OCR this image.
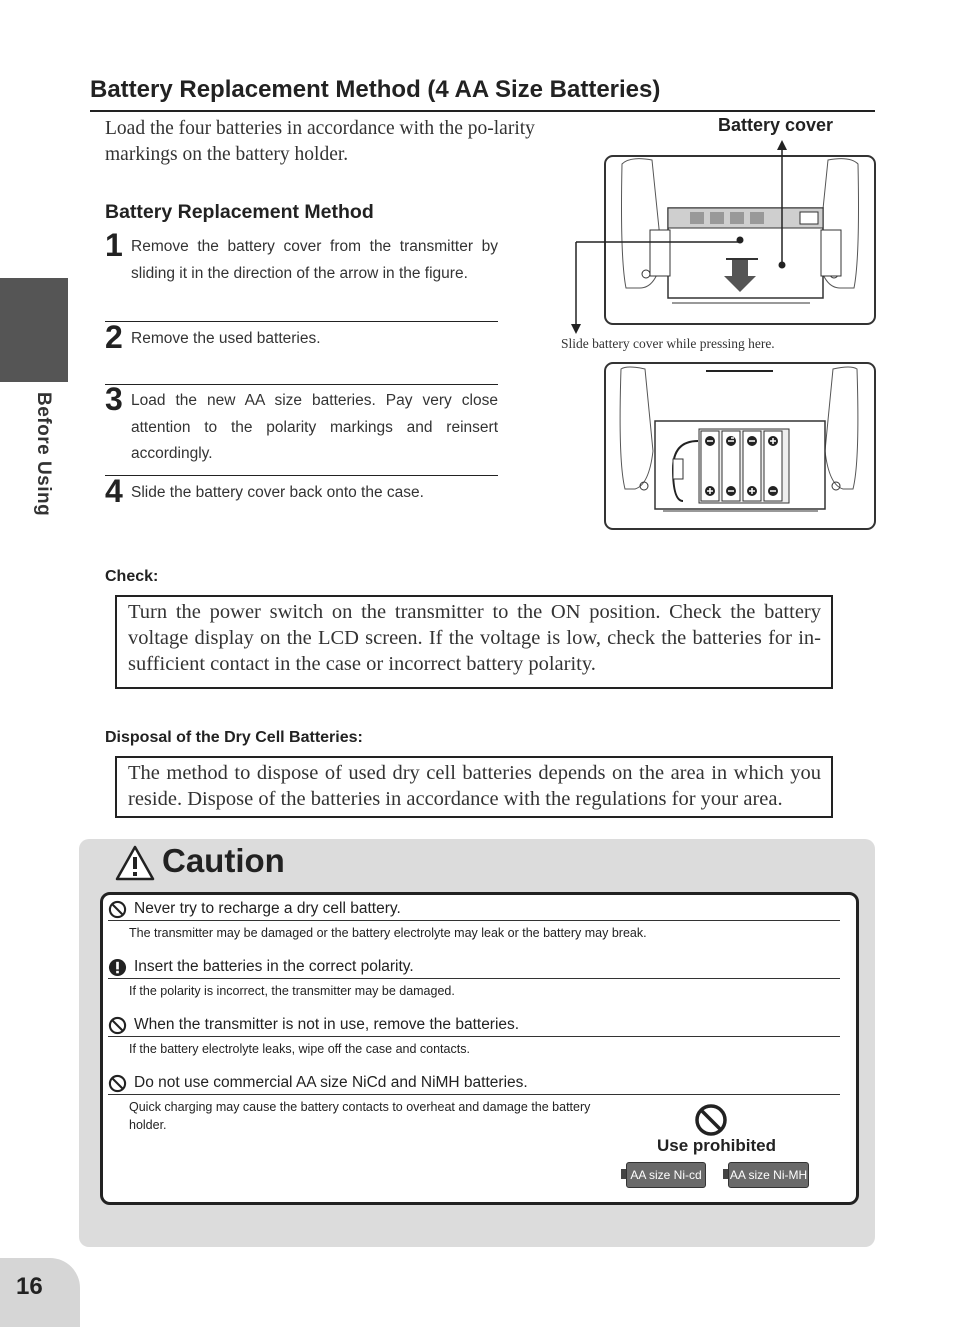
Before Using
Battery Replacement Method (4 AA Size Batteries)
Load the four batteries in accordance with the po-larity markings on the battery holder.
Battery Replacement Method
1 Remove the battery cover from the transmitter by sliding it in the direction of the arrow in the figure.
2 Remove the used batteries.
3 Load the new AA size batteries. Pay very close attention to the polarity markings and reinsert accordingly.
4 Slide the battery cover back onto the case.
Battery cover
Slide battery cover while pressing here.
Check:
Turn the power switch on the transmitter to the ON position. Check the battery voltage display on the LCD screen. If the voltage is low, check the batteries for in-sufficient contact in the case or incorrect battery polarity.
Disposal of the Dry Cell Batteries:
The method to dispose of used dry cell batteries depends on the area in which you reside. Dispose of the batteries in accordance with the regulations for your area.
Caution
Never try to recharge a dry cell battery.
The transmitter may be damaged or the battery electrolyte may leak or the battery may break.
Insert the batteries in the correct polarity.
If the polarity is incorrect, the transmitter may be damaged.
When the transmitter is not in use, remove the batteries.
If the battery electrolyte leaks, wipe off the case and contacts.
Do not use commercial AA size NiCd and NiMH batteries.
Quick charging may cause the battery contacts to overheat and damage the battery holder.
Use prohibited
AA size Ni-cd	AA size Ni-MH
16
